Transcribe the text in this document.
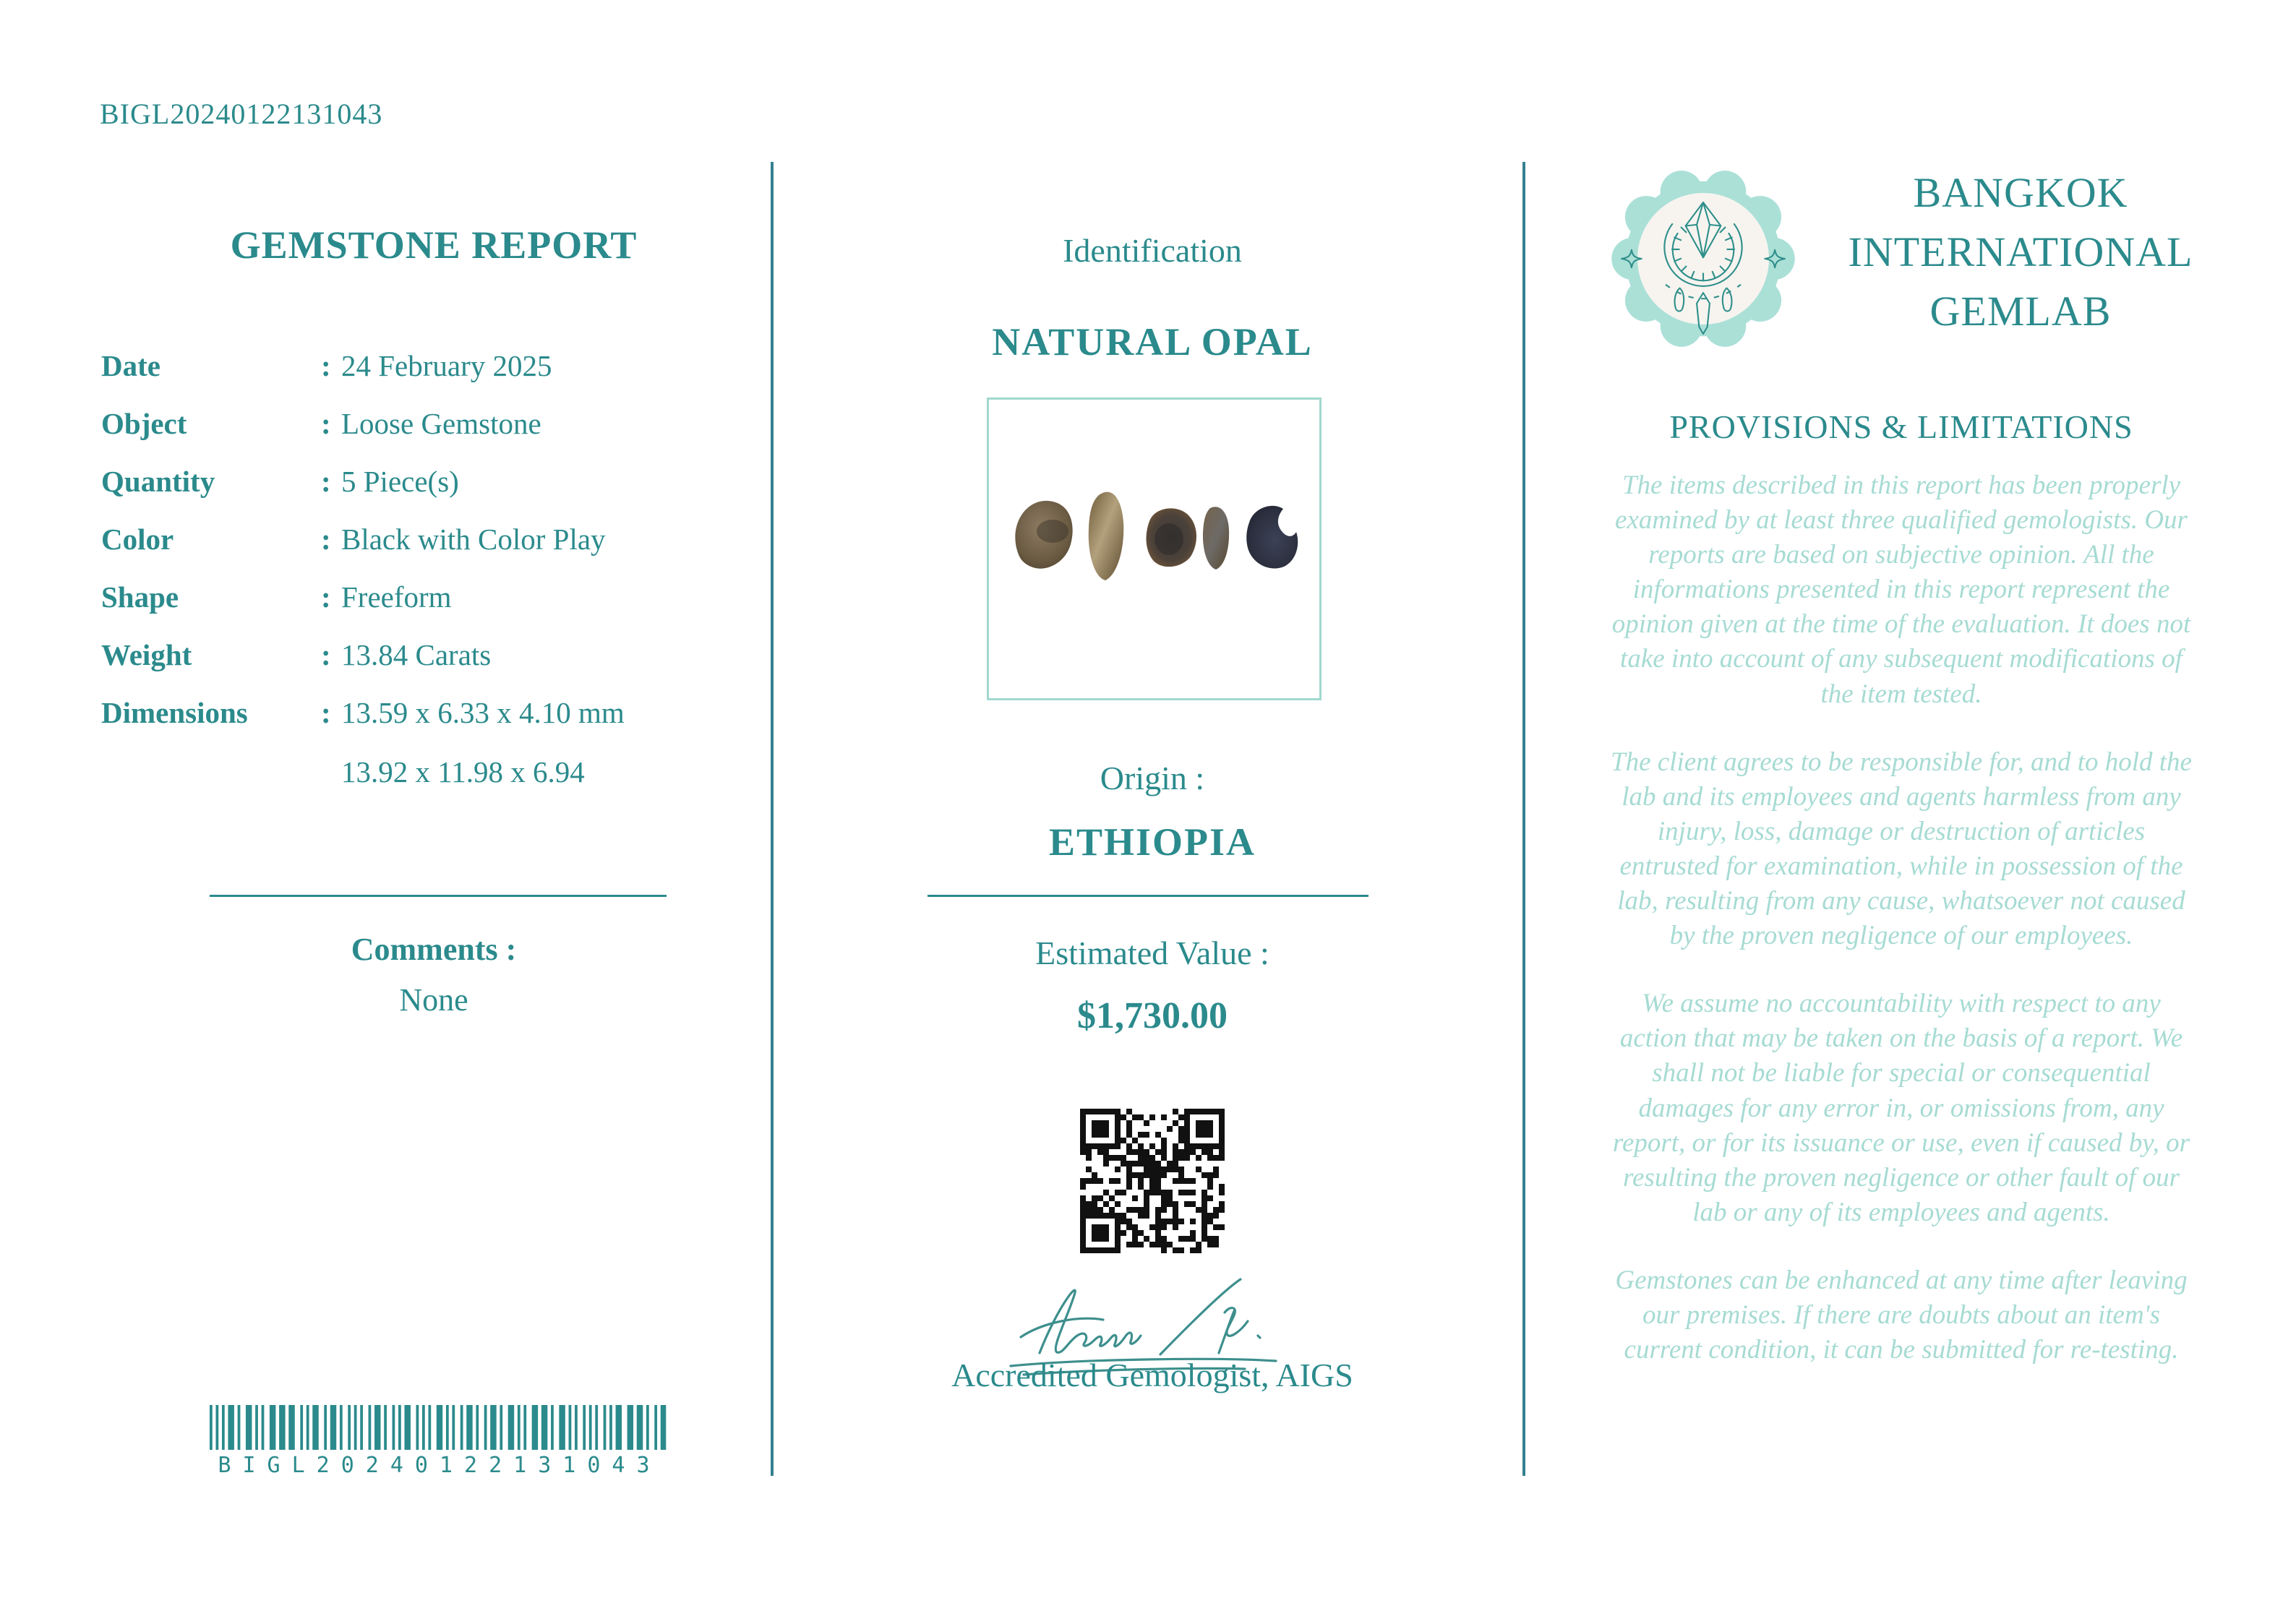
BIGL20240122131043
GEMSTONE REPORT
Date	: 24 February 2025
Object	: Loose Gemstone
Quantity	: 5 Piece(s)
Color	: Black with Color Play
Shape	: Freeform
Weight	: 13.84 Carats
Dimensions : 13.59 x 6.33 x 4.10 mm
13.92 x 11.98 x 6.94
Comments :
None
BIGL20240122131043
Identification
NATURAL OPAL
Origin :
ETHIOPIA
Estimated Value :
$1,730.00
Accredited Gemologist, AIGS
BANGKOK
INTERNATIONAL
GEMLAB
PROVISIONS & LIMITATIONS

The items described in this report has been properly examined by at least three qualified gemologists. Our reports are based on subjective opinion. All the informations presented in this report represent the opinion given at the time of the evaluation. It does not take into account of any subsequent modifications of the item tested.

The client agrees to be responsible for, and to hold the lab and its employees and agents harmless from any injury, loss, damage or destruction of articles entrusted for examination, while in possession of the lab, resulting from any cause, whatsoever not caused by the proven negligence of our employees.

We assume no accountability with respect to any action that may be taken on the basis of a report. We shall not be liable for special or consequential damages for any error in, or omissions from, any report, or for its issuance or use, even if caused by, or resulting the proven negligence or other fault of our lab or any of its employees and agents.

Gemstones can be enhanced at any time after leaving our premises. If there are doubts about an item's current condition, it can be submitted for re-testing.
